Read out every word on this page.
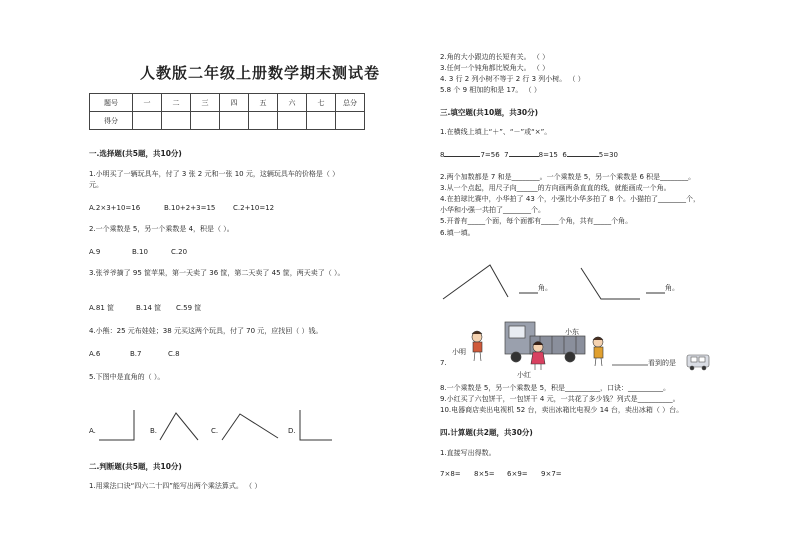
人教版二年级上册数学期末测试卷
题号	一	二	三	四	五	六	七	总分
得分								
一.选择题(共5题，共10分)
1.小明买了一辆玩具车，付了 3 张 2 元和一张 10 元，这辆玩具车的价格是（ ）
元。
A.2×3+10=16	B.10+2+3=15	C.2+10=12
2.一个乘数是 5，另一个乘数是 4，积是（ ）。
A.9	B.10	C.20
3.张爷爷摘了 95 筐苹果，第一天卖了 36 筐，第二天卖了 45 筐，两天卖了（ ）。
A.81 筐	B.14 筐 C.59 筐
4.小熊：25 元布娃娃；38 元买这两个玩具，付了 70 元，应找回（ ）钱。
A.6	B.7	C.8
5.下图中是直角的（ ）。
A.	B.	C.	D.
二.判断题(共5题，共10分)
1.用乘法口诀“四六二十四”能写出两个乘法算式。 （ ）
2.角的大小跟边的长短有关。 （ ）
3.任何一个钝角都比锐角大。 （ ）
4. 3 行 2 列小树不等于 2 行 3 列小树。 （ ）
5.8 个 9 相加的和是 17。 （ ）
三.填空题(共10题，共30分)
1.在横线上填上“＋”、“－”或“×”。
8	7=56 7	8=15 6	5=30
2.两个加数都是 7 和是________。一个乘数是 5，另一个乘数是 6 积是________。
3.从一个点起，用尺子向______的方向画两条直直的线，就能画成一个角。
4.在拍球比赛中，小华拍了 43 个，小强比小华多拍了 8 个。小猫拍了________个，
小华和小强一共拍了________个。
5.开普有_____个面，每个面都有_____个角，共有_____个角。
6.填一填。
角。	角。
7.
小明
小东
小红
看到的是
8.一个乘数是 5，另一个乘数是 5，积是__________，口诀：__________。
9.小红买了六包饼干，一包饼干 4 元，一共花了多少钱？列式是__________。
10.电器商店卖出电视机 52 台，卖出冰箱比电视少 14 台，卖出冰箱（ ）台。
四.计算题(共2题，共30分)
1.直接写出得数。
7×8= 8×5= 6×9= 9×7=
